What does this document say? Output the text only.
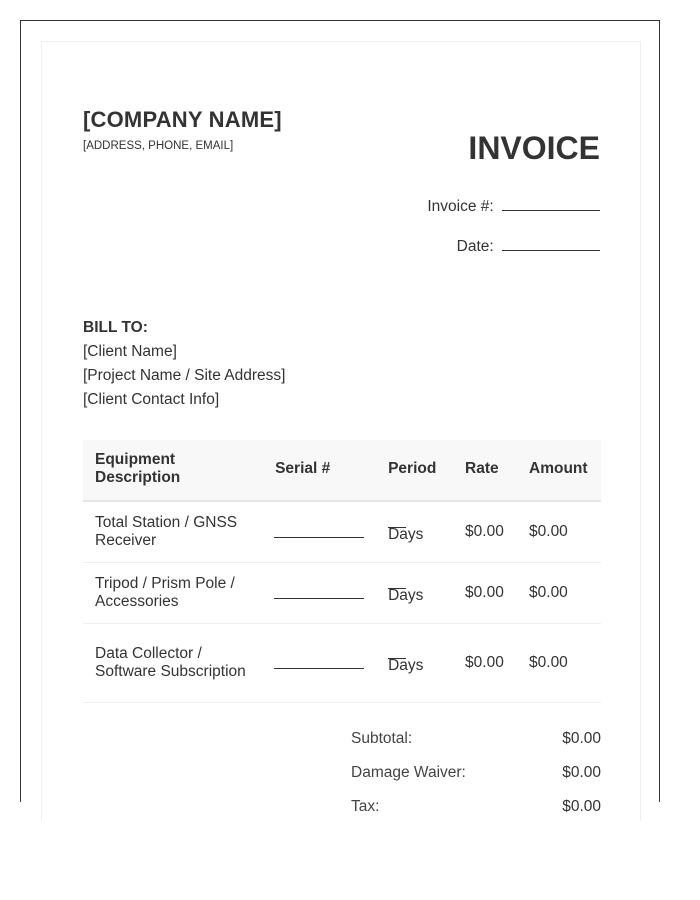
[COMPANY NAME]
[ADDRESS, PHONE, EMAIL]	INVOICE
Invoice #:
Date:
BILL TO:
[Client Name]
[Project Name / Site Address]
[Client Contact Info]
Equipment Description	Serial #	Period	Rate	Amount
Total Station / GNSS Receiver		Days	$0.00	$0.00
Tripod / Prism Pole / Accessories		Days	$0.00	$0.00
Data Collector / Software Subscription		Days	$0.00	$0.00
Subtotal:	$0.00
Damage Waiver:	$0.00
Tax:	$0.00
